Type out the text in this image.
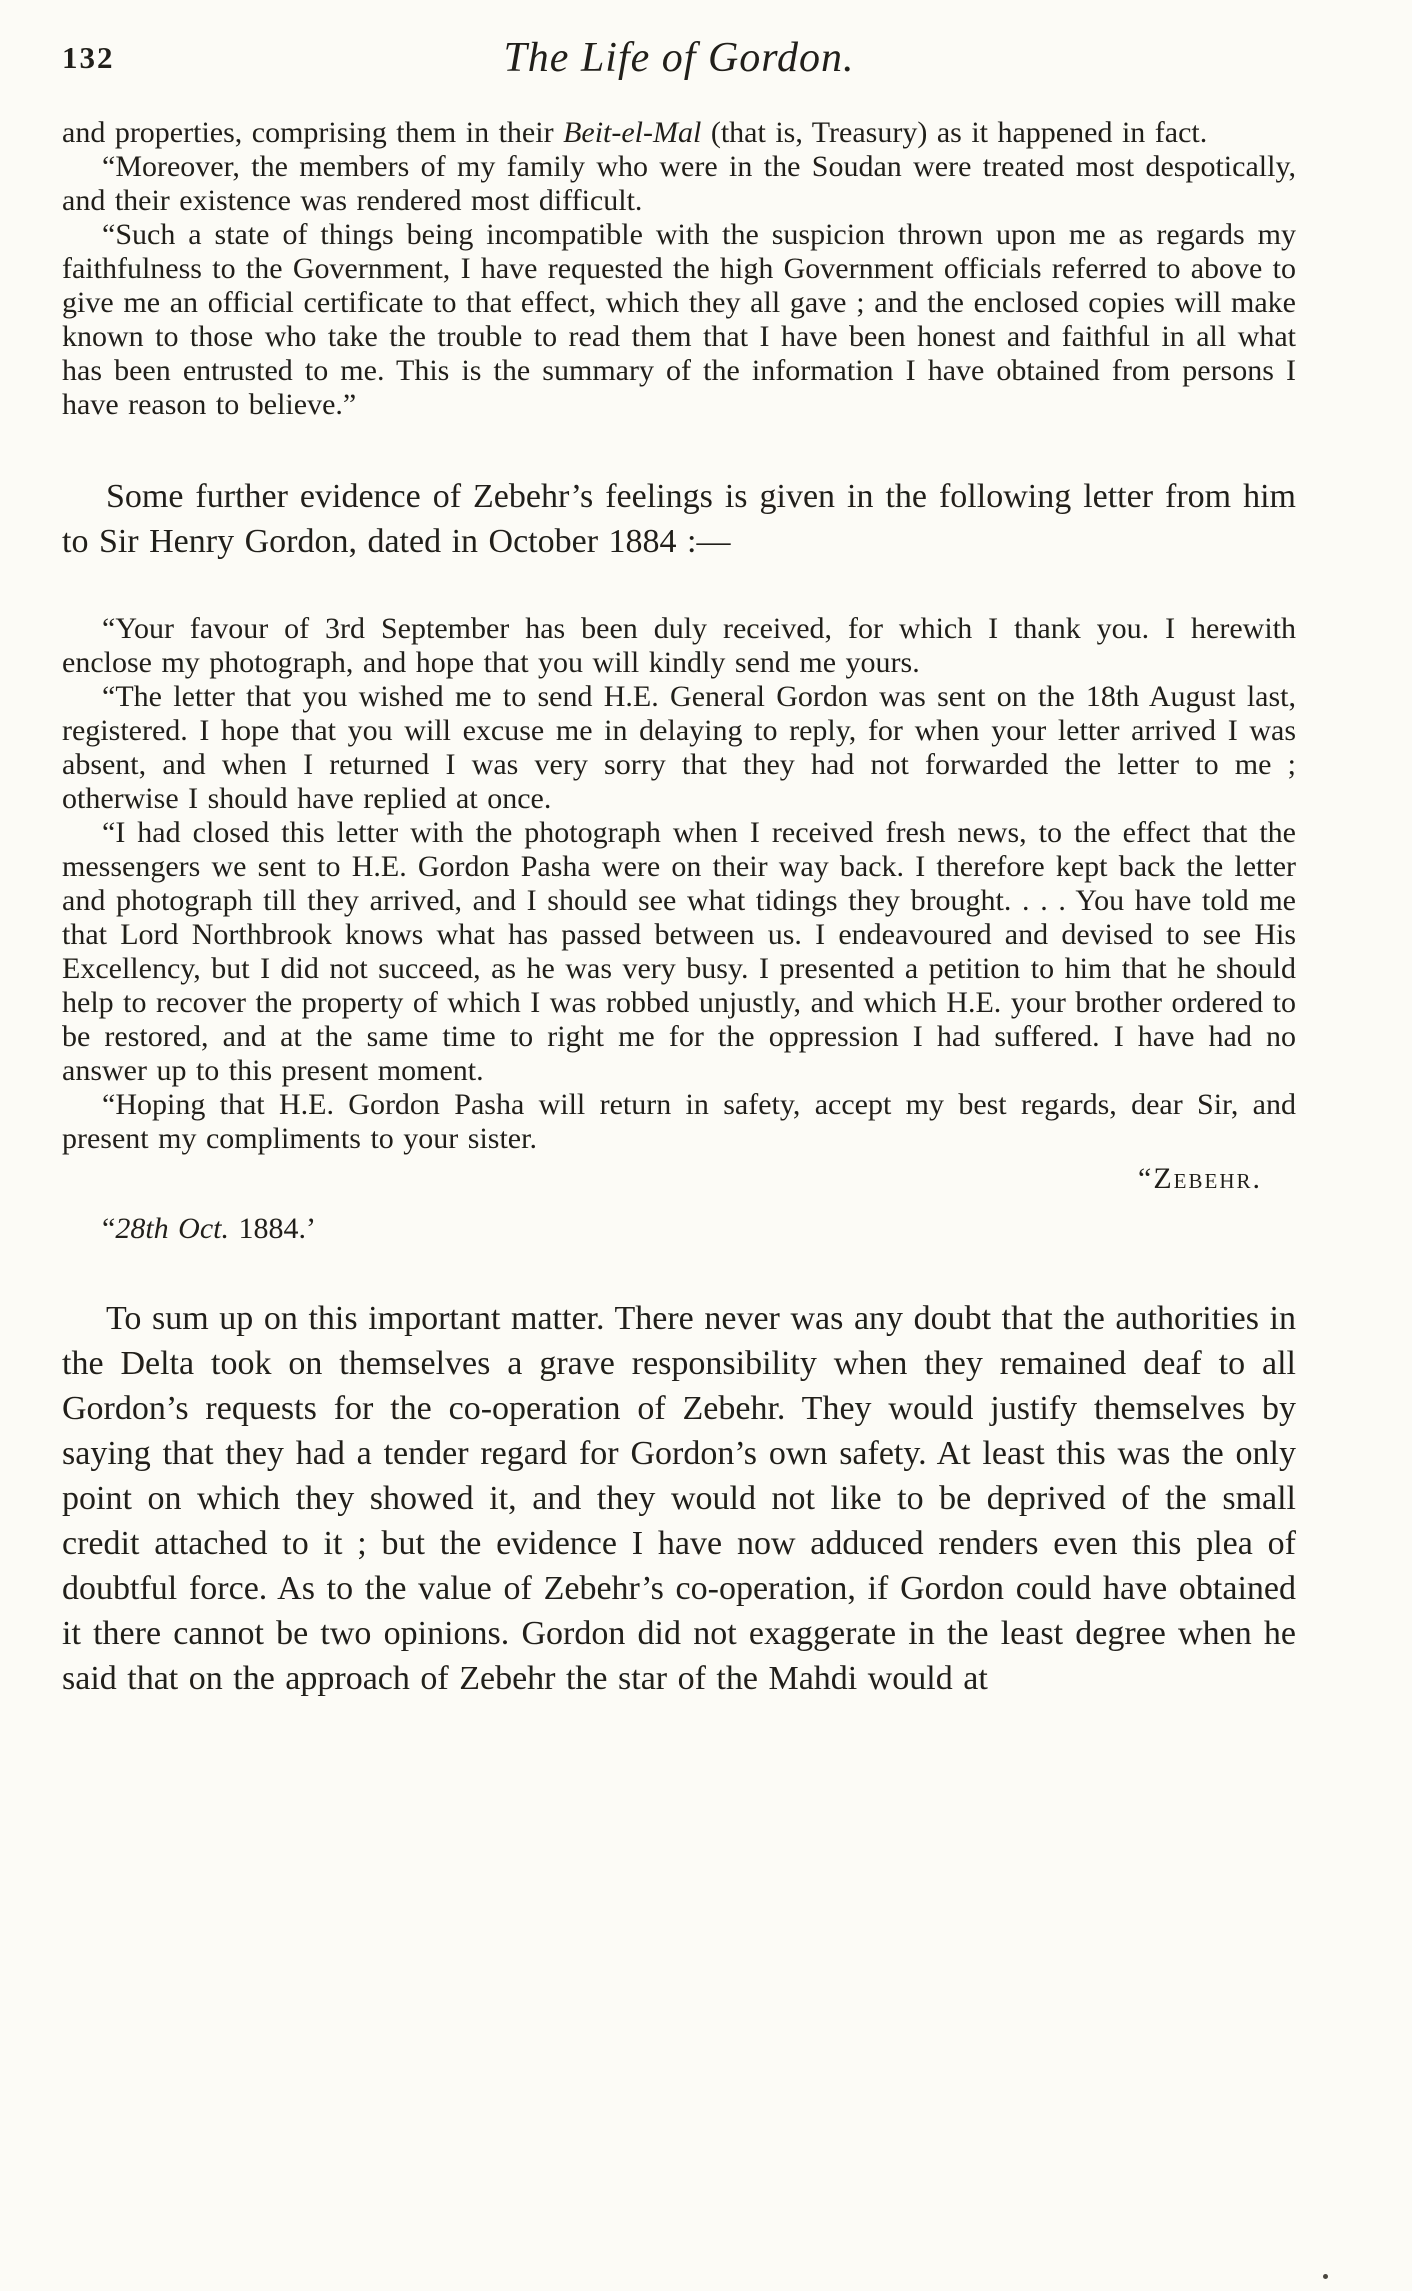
132	The Life of Gordon.

and properties, comprising them in their Beit-el-Mal (that is, Treasury) as it happened in fact.

“Moreover, the members of my family who were in the Soudan were treated most despotically, and their existence was rendered most difficult.

“Such a state of things being incompatible with the suspicion thrown upon me as regards my faithfulness to the Government, I have requested the high Government officials referred to above to give me an official certificate to that effect, which they all gave ; and the enclosed copies will make known to those who take the trouble to read them that I have been honest and faithful in all what has been entrusted to me. This is the summary of the information I have obtained from persons I have reason to believe.”

Some further evidence of Zebehr’s feelings is given in the following letter from him to Sir Henry Gordon, dated in October 1884 :—

“Your favour of 3rd September has been duly received, for which I thank you. I herewith enclose my photograph, and hope that you will kindly send me yours.

“The letter that you wished me to send H.E. General Gordon was sent on the 18th August last, registered. I hope that you will excuse me in delaying to reply, for when your letter arrived I was absent, and when I returned I was very sorry that they had not forwarded the letter to me ; otherwise I should have replied at once.

“I had closed this letter with the photograph when I received fresh news, to the effect that the messengers we sent to H.E. Gordon Pasha were on their way back. I therefore kept back the letter and photograph till they arrived, and I should see what tidings they brought. . . . You have told me that Lord Northbrook knows what has passed between us. I endeavoured and devised to see His Excellency, but I did not succeed, as he was very busy. I presented a petition to him that he should help to recover the property of which I was robbed unjustly, and which H.E. your brother ordered to be restored, and at the same time to right me for the oppression I had suffered. I have had no answer up to this present moment.

“Hoping that H.E. Gordon Pasha will return in safety, accept my best regards, dear Sir, and present my compliments to your sister.

“Zebehr.

“28th Oct. 1884.’

To sum up on this important matter. There never was any doubt that the authorities in the Delta took on themselves a grave responsibility when they remained deaf to all Gordon’s requests for the co-operation of Zebehr. They would justify themselves by saying that they had a tender regard for Gordon’s own safety. At least this was the only point on which they showed it, and they would not like to be deprived of the small credit attached to it ; but the evidence I have now adduced renders even this plea of doubtful force. As to the value of Zebehr’s co-operation, if Gordon could have obtained it there cannot be two opinions. Gordon did not exaggerate in the least degree when he said that on the approach of Zebehr the star of the Mahdi would at
